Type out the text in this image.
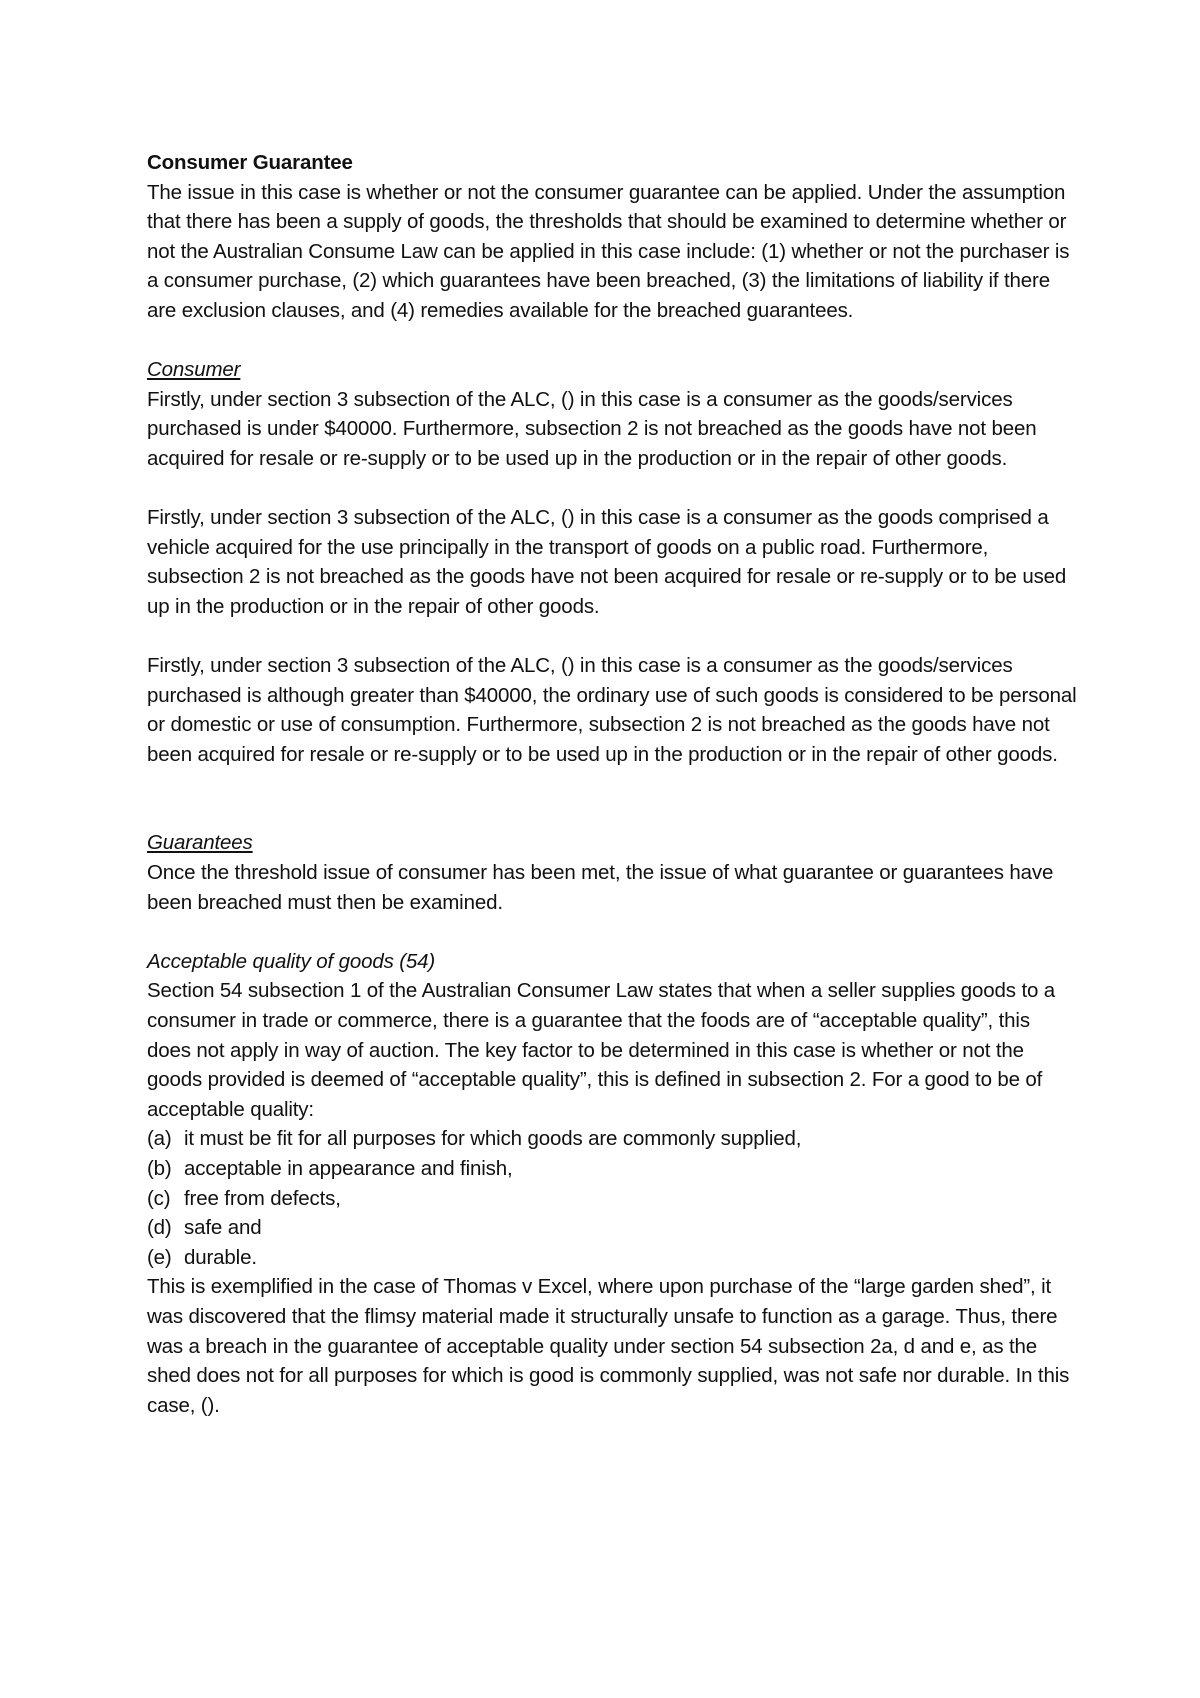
Consumer Guarantee

The issue in this case is whether or not the consumer guarantee can be applied. Under the assumption that there has been a supply of goods, the thresholds that should be examined to determine whether or not the Australian Consume Law can be applied in this case include: (1) whether or not the purchaser is a consumer purchase, (2) which guarantees have been breached, (3) the limitations of liability if there are exclusion clauses, and (4) remedies available for the breached guarantees.

Consumer

Firstly, under section 3 subsection of the ALC, () in this case is a consumer as the goods/services purchased is under $40000. Furthermore, subsection 2 is not breached as the goods have not been acquired for resale or re-supply or to be used up in the production or in the repair of other goods.

Firstly, under section 3 subsection of the ALC, () in this case is a consumer as the goods comprised a vehicle acquired for the use principally in the transport of goods on a public road. Furthermore, subsection 2 is not breached as the goods have not been acquired for resale or re-supply or to be used up in the production or in the repair of other goods.

Firstly, under section 3 subsection of the ALC, () in this case is a consumer as the goods/services purchased is although greater than $40000, the ordinary use of such goods is considered to be personal or domestic or use of consumption. Furthermore, subsection 2 is not breached as the goods have not been acquired for resale or re-supply or to be used up in the production or in the repair of other goods.

Guarantees

Once the threshold issue of consumer has been met, the issue of what guarantee or guarantees have been breached must then be examined.

Acceptable quality of goods (54)

Section 54 subsection 1 of the Australian Consumer Law states that when a seller supplies goods to a consumer in trade or commerce, there is a guarantee that the foods are of “acceptable quality”, this does not apply in way of auction. The key factor to be determined in this case is whether or not the goods provided is deemed of “acceptable quality”, this is defined in subsection 2. For a good to be of acceptable quality:

(a) it must be fit for all purposes for which goods are commonly supplied,
(b) acceptable in appearance and finish,
(c) free from defects,
(d) safe and
(e) durable.

This is exemplified in the case of Thomas v Excel, where upon purchase of the “large garden shed”, it was discovered that the flimsy material made it structurally unsafe to function as a garage. Thus, there was a breach in the guarantee of acceptable quality under section 54 subsection 2a, d and e, as the shed does not for all purposes for which is good is commonly supplied, was not safe nor durable. In this case, ().
